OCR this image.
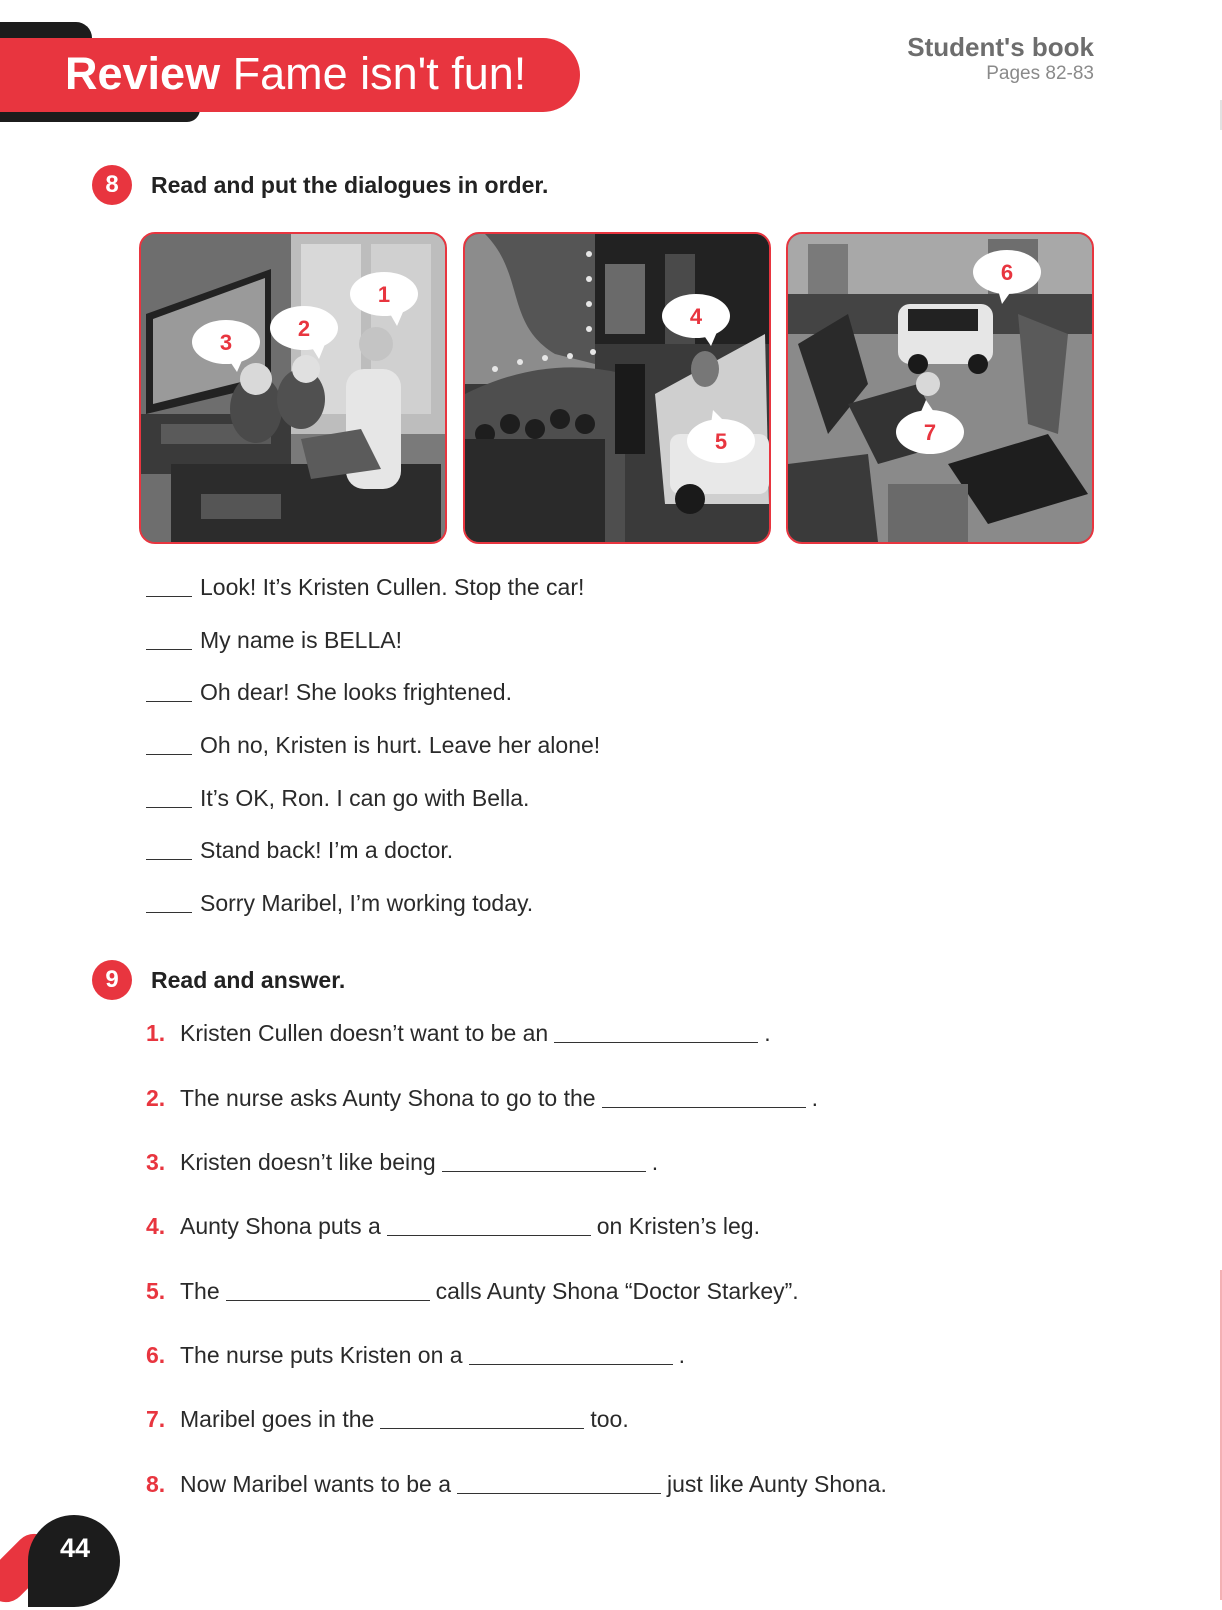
Review Fame isn't fun!
Student's book
Pages 82-83
8	Read and put the dialogues in order.
1
2
3
4
5
6
7
Look! It’s Kristen Cullen. Stop the car!
My name is BELLA!
Oh dear! She looks frightened.
Oh no, Kristen is hurt. Leave her alone!
It’s OK, Ron. I can go with Bella.
Stand back! I’m a doctor.
Sorry Maribel, I’m working today.
9	Read and answer.
1. Kristen Cullen doesn’t want to be an	.
2. The nurse asks Aunty Shona to go to the	.
3. Kristen doesn’t like being	.
4. Aunty Shona puts a	on Kristen’s leg.
5. The	calls Aunty Shona “Doctor Starkey”.
6. The nurse puts Kristen on a	.
7. Maribel goes in the	too.
8. Now Maribel wants to be a	just like Aunty Shona.
44
